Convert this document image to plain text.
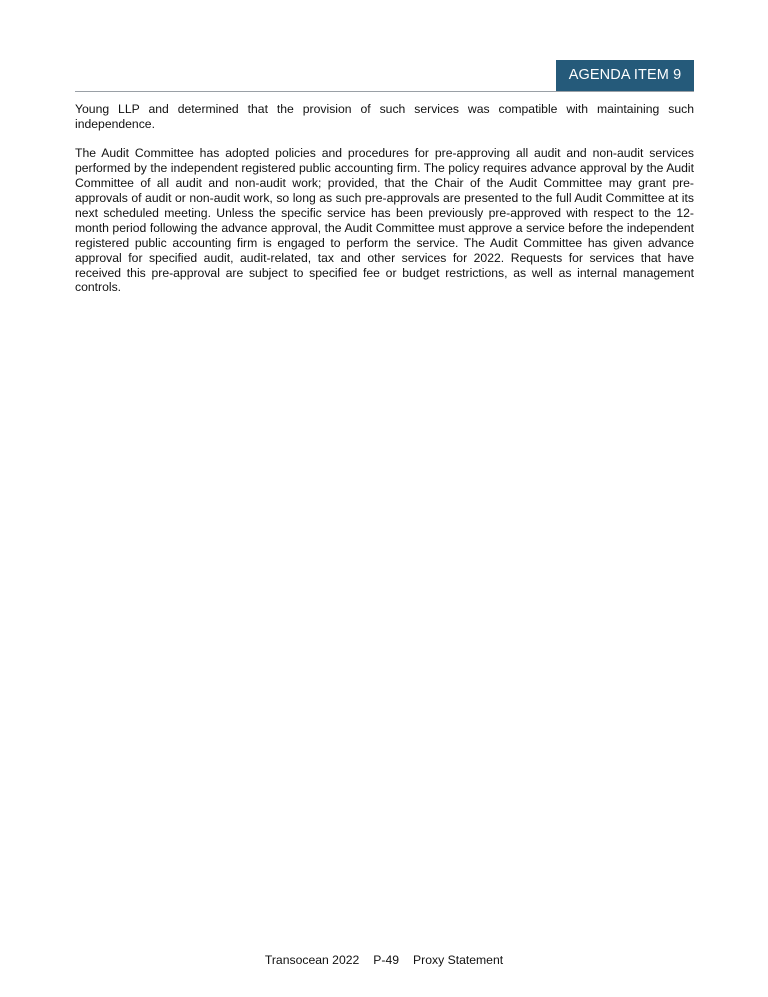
AGENDA ITEM 9

Young LLP and determined that the provision of such services was compatible with maintaining such independence.

The Audit Committee has adopted policies and procedures for pre-approving all audit and non-audit services performed by the independent registered public accounting firm. The policy requires advance approval by the Audit Committee of all audit and non-audit work; provided, that the Chair of the Audit Committee may grant pre-approvals of audit or non-audit work, so long as such pre-approvals are presented to the full Audit Committee at its next scheduled meeting. Unless the specific service has been previously pre-approved with respect to the 12-month period following the advance approval, the Audit Committee must approve a service before the independent registered public accounting firm is engaged to perform the service. The Audit Committee has given advance approval for specified audit, audit-related, tax and other services for 2022. Requests for services that have received this pre-approval are subject to specified fee or budget restrictions, as well as internal management controls.

Transocean 2022 P-49 Proxy Statement
